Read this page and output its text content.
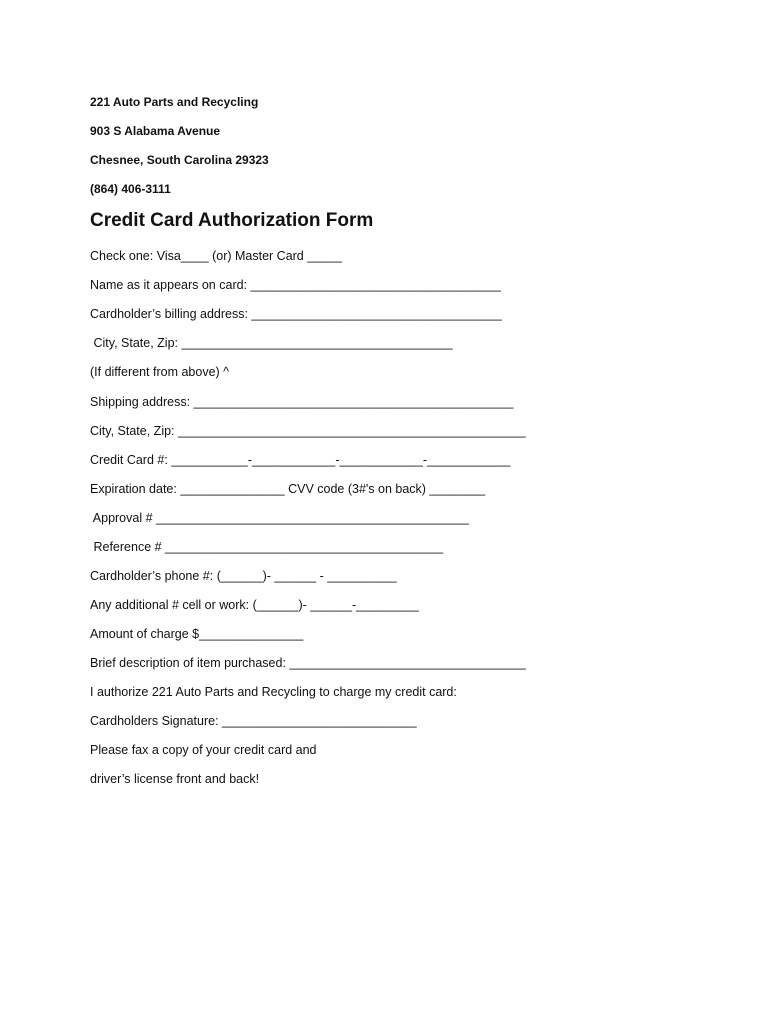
221 Auto Parts and Recycling
903 S Alabama Avenue
Chesnee, South Carolina 29323
(864) 406-3111
Credit Card Authorization Form
Check one: Visa____ (or) Master Card _____
Name as it appears on card: ____________________________________
Cardholder’s billing address: ____________________________________
City, State, Zip: _______________________________________
(If different from above) ^
Shipping address: ______________________________________________
City, State, Zip: __________________________________________________
Credit Card #: ___________-____________-____________-____________
Expiration date: _______________ CVV code (3#'s on back) ________
Approval # _____________________________________________
Reference # ________________________________________
Cardholder’s phone #: (______)- ______ - __________
Any additional # cell or work: (______)- ______-_________
Amount of charge $_______________
Brief description of item purchased: __________________________________
I authorize 221 Auto Parts and Recycling to charge my credit card:
Cardholders Signature: ____________________________
Please fax a copy of your credit card and
driver’s license front and back!
